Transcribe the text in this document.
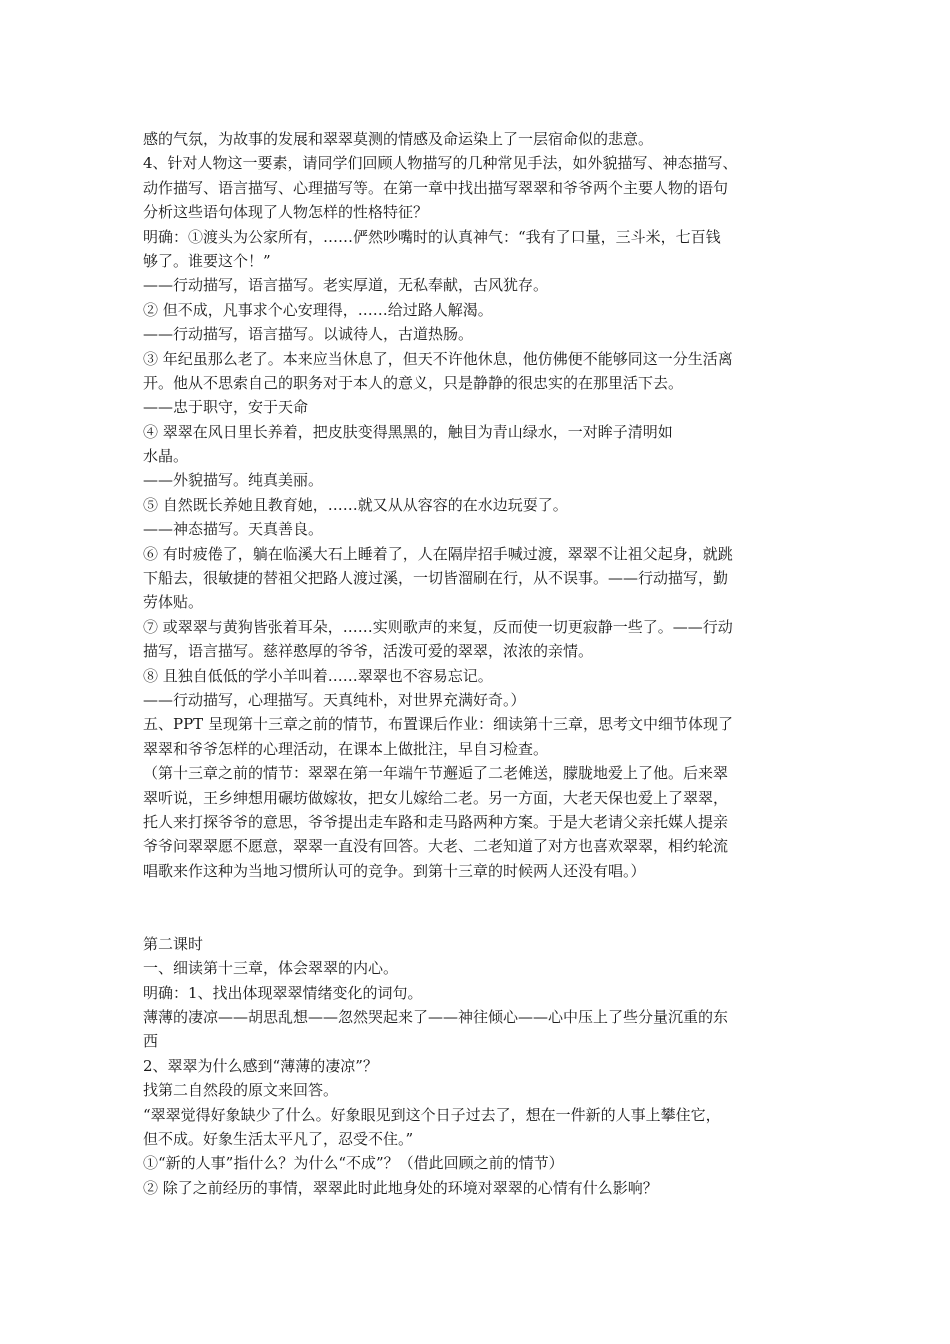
感的气氛，为故事的发展和翠翠莫测的情感及命运染上了一层宿命似的悲意。
4、针对人物这一要素，请同学们回顾人物描写的几种常见手法，如外貌描写、神态描写、
动作描写、语言描写、心理描写等。在第一章中找出描写翠翠和爷爷两个主要人物的语句
分析这些语句体现了人物怎样的性格特征？
明确：①渡头为公家所有，……俨然吵嘴时的认真神气：“我有了口量，三斗米，七百钱
够了。谁要这个！”
——行动描写，语言描写。老实厚道，无私奉献，古风犹存。
② 但不成，凡事求个心安理得，……给过路人解渴。
——行动描写，语言描写。以诚待人，古道热肠。
③ 年纪虽那么老了。本来应当休息了，但天不许他休息，他仿佛便不能够同这一分生活离
开。他从不思索自己的职务对于本人的意义，只是静静的很忠实的在那里活下去。
——忠于职守，安于天命
④ 翠翠在风日里长养着，把皮肤变得黑黑的，触目为青山绿水，一对眸子清明如
水晶。
——外貌描写。纯真美丽。
⑤ 自然既长养她且教育她，……就又从从容容的在水边玩耍了。
——神态描写。天真善良。
⑥ 有时疲倦了，躺在临溪大石上睡着了，人在隔岸招手喊过渡，翠翠不让祖父起身，就跳
下船去，很敏捷的替祖父把路人渡过溪，一切皆溜刷在行，从不误事。——行动描写，勤
劳体贴。
⑦ 或翠翠与黄狗皆张着耳朵，……实则歌声的来复，反而使一切更寂静一些了。——行动
描写，语言描写。慈祥憨厚的爷爷，活泼可爱的翠翠，浓浓的亲情。
⑧ 且独自低低的学小羊叫着……翠翠也不容易忘记。
——行动描写，心理描写。天真纯朴，对世界充满好奇。）
五、PPT 呈现第十三章之前的情节，布置课后作业：细读第十三章，思考文中细节体现了
翠翠和爷爷怎样的心理活动，在课本上做批注，早自习检查。
（第十三章之前的情节：翠翠在第一年端午节邂逅了二老傩送，朦胧地爱上了他。后来翠
翠听说，王乡绅想用碾坊做嫁妆，把女儿嫁给二老。另一方面，大老天保也爱上了翠翠，
托人来打探爷爷的意思，爷爷提出走车路和走马路两种方案。于是大老请父亲托媒人提亲
爷爷问翠翠愿不愿意，翠翠一直没有回答。大老、二老知道了对方也喜欢翠翠，相约轮流
唱歌来作这种为当地习惯所认可的竞争。到第十三章的时候两人还没有唱。）
第二课时
一、细读第十三章，体会翠翠的内心。
明确：1、找出体现翠翠情绪变化的词句。
薄薄的凄凉——胡思乱想——忽然哭起来了——神往倾心——心中压上了些分量沉重的东
西
2、翠翠为什么感到“薄薄的凄凉”？
找第二自然段的原文来回答。
“翠翠觉得好象缺少了什么。好象眼见到这个日子过去了，想在一件新的人事上攀住它，
但不成。好象生活太平凡了，忍受不住。”
①“新的人事”指什么？为什么“不成”？（借此回顾之前的情节）
② 除了之前经历的事情，翠翠此时此地身处的环境对翠翠的心情有什么影响？
